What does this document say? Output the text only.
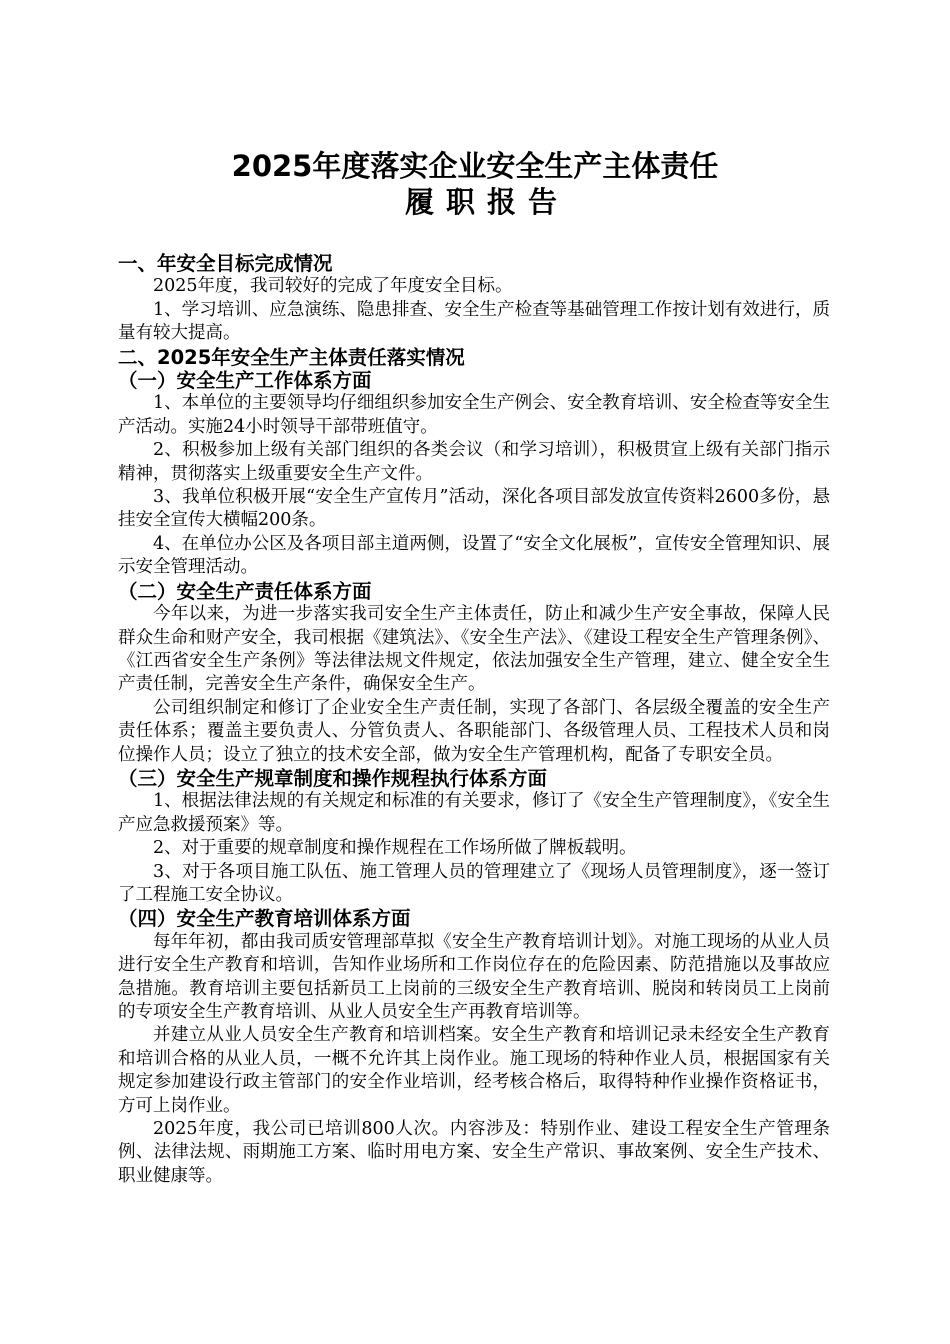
2025年度落实企业安全生产主体责任
履职报告

一、年安全目标完成情况

2025年度，我司较好的完成了年度安全目标。

1、学习培训、应急演练、隐患排查、安全生产检查等基础管理工作按计划有效进行，质量有较大提高。

二、2025年安全生产主体责任落实情况

（一）安全生产工作体系方面

1、本单位的主要领导均仔细组织参加安全生产例会、安全教育培训、安全检查等安全生产活动。实施24小时领导干部带班值守。

2、积极参加上级有关部门组织的各类会议（和学习培训），积极贯宣上级有关部门指示精神，贯彻落实上级重要安全生产文件。

3、我单位积极开展“安全生产宣传月”活动，深化各项目部发放宣传资料2600多份，悬挂安全宣传大横幅200条。

4、在单位办公区及各项目部主道两侧，设置了“安全文化展板”，宣传安全管理知识、展示安全管理活动。

（二）安全生产责任体系方面

今年以来，为进一步落实我司安全生产主体责任，防止和减少生产安全事故，保障人民群众生命和财产安全，我司根据《建筑法》、《安全生产法》、《建设工程安全生产管理条例》、《江西省安全生产条例》等法律法规文件规定，依法加强安全生产管理，建立、健全安全生产责任制，完善安全生产条件，确保安全生产。

公司组织制定和修订了企业安全生产责任制，实现了各部门、各层级全覆盖的安全生产责任体系；覆盖主要负责人、分管负责人、各职能部门、各级管理人员、工程技术人员和岗位操作人员；设立了独立的技术安全部，做为安全生产管理机构，配备了专职安全员。

（三）安全生产规章制度和操作规程执行体系方面

1、根据法律法规的有关规定和标准的有关要求，修订了《安全生产管理制度》，《安全生产应急救援预案》等。

2、对于重要的规章制度和操作规程在工作场所做了牌板载明。

3、对于各项目施工队伍、施工管理人员的管理建立了《现场人员管理制度》，逐一签订了工程施工安全协议。

（四）安全生产教育培训体系方面

每年年初，都由我司质安管理部草拟《安全生产教育培训计划》。对施工现场的从业人员进行安全生产教育和培训，告知作业场所和工作岗位存在的危险因素、防范措施以及事故应急措施。教育培训主要包括新员工上岗前的三级安全生产教育培训、脱岗和转岗员工上岗前的专项安全生产教育培训、从业人员安全生产再教育培训等。

并建立从业人员安全生产教育和培训档案。安全生产教育和培训记录未经安全生产教育和培训合格的从业人员，一概不允许其上岗作业。施工现场的特种作业人员，根据国家有关规定参加建设行政主管部门的安全作业培训，经考核合格后，取得特种作业操作资格证书，方可上岗作业。

2025年度，我公司已培训800人次。内容涉及：特别作业、建设工程安全生产管理条例、法律法规、雨期施工方案、临时用电方案、安全生产常识、事故案例、安全生产技术、职业健康等。
